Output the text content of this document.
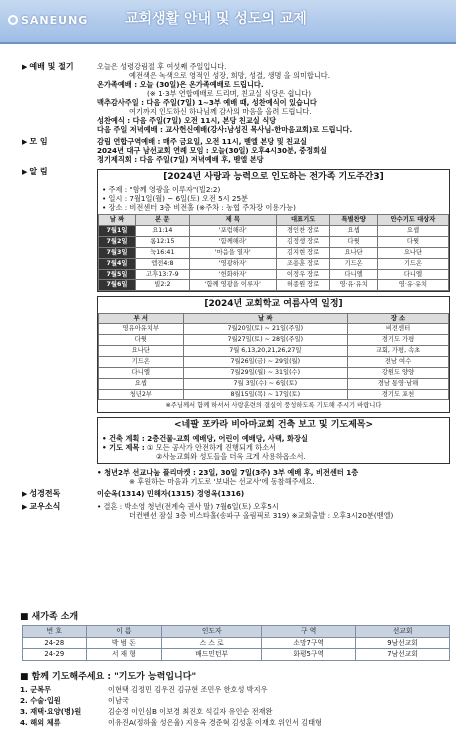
SANEUNG	교회생활 안내 및 성도의 교제
▶ 예배 및 절기	오늘은 성령강림절 후 여섯째 주일입니다.
예전색은 녹색으로 영적인 성장, 희망, 성결, 생명 을 의미합니다.
온가족예배 : 오늘 (30일)은 온가족예배로 드립니다.
(※ 1·3부 연합예배로 드리며, 친교실 식당은 쉽니다)
맥추감사주일 : 다음 주일(7일) 1~3부 예배 때, 성찬예식이 있습니다
여기까지 인도하신 하나님께 감사의 마음을 올려 드립니다.
성찬예식 : 다음 주일(7일) 오전 11시, 본당 친교실 식당
다음 주일 저녁예배 : 교사헌신예배(강사:남성진 목사님-한마음교회)로 드립니다.
▶ 모 임	감림 연합구역예배 : 매주 금요일, 오전 11시, 벧엘 본당 및 친교실
2024년 대구 남선교회 연례 모임 : 오늘(30일) 오후4시30분, 중정회실
정기제직회 : 다음 주일(7일) 저녁예배 후, 벧엘 본당
▶ 알 림
[2024년 사랑과 능력으로 인도하는 전가족 기도주간3]
• 주제 : "함께 영광을 이루자"(빌2:2)
• 일시 : 7월1일(월) ~ 6일(토) 오전 5시 25분
• 장소 : 비전센터 3층 비전홀 (※주차 : 농협 주차장 이용가능)
날 짜	본 문	제 목	대표기도	특별찬양	안수기도 대상자
7월1일	요1:14	'포럼해라'	경인찬 장로	요셉	요셉
7월2일	롬12:15	'함께해라'	김정생 장로	다윗	다윗
7월3일	눅16:41	'마음을 열자'	김지현 장로	요나단	요나단
7월4일	엡전4:8	'영광하자'	조용훈 장로	기드온	기드온
7월5일	고후13:7-9	'헌화하자'	이정우 장로	다니엘	다니엘
7월6일	빌2:2	'함께 영광을 이루자'	허종원 장로	영·유·유치	영·유·유치
[2024년 교회학교 여름사역 일정]
부 서	날 짜	장 소
영유아유치부	7월20일(토) ~ 21일(주일)	비전센터
다윗	7월27일(토) ~ 28일(주일)	경기도 가평
요나단	7월 6,13,20,21,26,27일	교회, 가평, 속초
기드온	7월26일(금) ~ 29일(월)	전남 여수
다니엘	7월29일(월) ~ 31일(수)	강원도 양양
요셉	7월 3일(수) ~ 6일(토)	경남 통영·남해
청년2부	8월15일(목) ~ 17일(토)	경기도 포천
※주님께서 함께 하셔서 사랑훈련의 결실이 풍성하도록 기도해 주시기 바랍니다
<네팔 포카라 비아마교회 건축 보고 및 기도제목>
• 건축 계획 : 2층건물-교회 예배당, 어린이 예배당, 사택, 화장실
• 기도 제목 : ① 모든 공사가 안전하게 진행되게 하소서
②사능교회와 성도들을 더욱 크게 사용하옵소서.
• 청년2부 선교나눔 플리마켓 : 23일, 30일 7일(3주) 3부 예배 후, 비전센터 1층
※ 후원하는 마음과 기도로 '보내는 선교사'에 동참해주세요.
▶ 성경전독	이순옥(1314) 민해자(1315) 경영옥(1316)
▶ 교우소식	• 결혼 : 박소영 청년(전계숙 권사 딸) 7월6일(토) 오후5시
더컨벤션 잠실 3층 비스타홀(송파구 올림픽로 319) ※교회출발 : 오후3시20분(벧엘)
■ 새가족 소개
번 호	이 름	인도자	구 역	선교회
24-28	박 범 돈	스 스 로	소망7구역	9남선교회
24-29	서 재 형	배드민턴부	화평5구역	7남선교회
■ 함께 기도해주세요 : "기도가 능력입니다"
1. 군복무	이현택 김정민 김우진 김규현 조민우 한호성 박지우
2. 수술·입원	이남국
3. 재택·요양(병)원	김순경 이인심B 이보경 최진호 석길자 유인순 전재완
4. 해외 체류	이유진A(정하율 성은율) 지용옥 경준혁 김성훈 이재호 위인서 김태형
